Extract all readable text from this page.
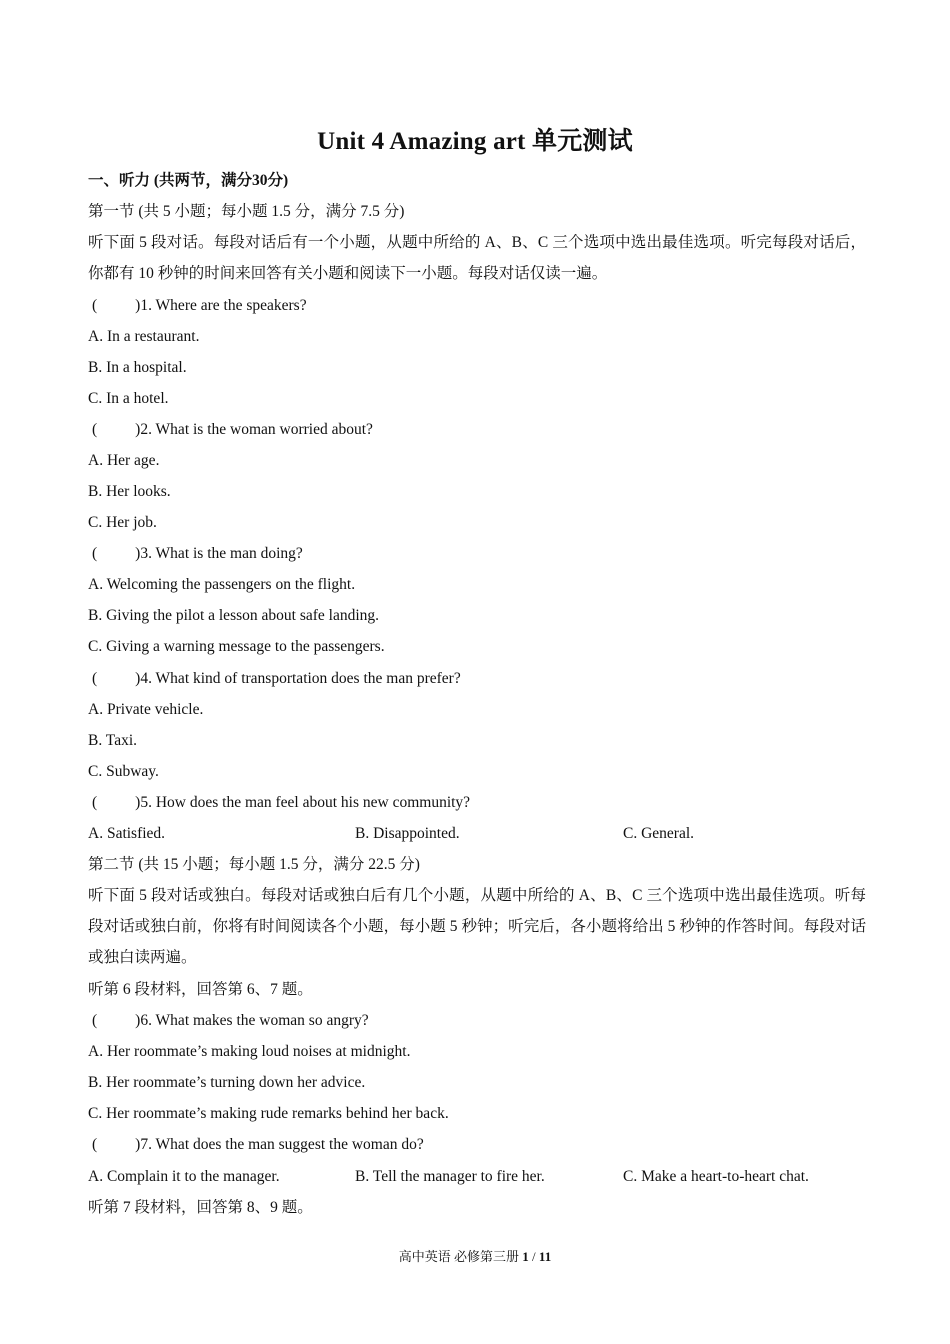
Unit 4 Amazing art 单元测试
一、听力 (共两节，满分30分)
第一节 (共 5 小题；每小题 1.5 分，满分 7.5 分)
听下面 5 段对话。每段对话后有一个小题，从题中所给的 A、B、C 三个选项中选出最佳选项。听完每段对话后，你都有 10 秒钟的时间来回答有关小题和阅读下一小题。每段对话仅读一遍。
( )1. Where are the speakers?
A. In a restaurant.
B. In a hospital.
C. In a hotel.
( )2. What is the woman worried about?
A. Her age.
B. Her looks.
C. Her job.
( )3. What is the man doing?
A. Welcoming the passengers on the flight.
B. Giving the pilot a lesson about safe landing.
C. Giving a warning message to the passengers.
( )4. What kind of transportation does the man prefer?
A. Private vehicle.
B. Taxi.
C. Subway.
( )5. How does the man feel about his new community?
A. Satisfied.	B. Disappointed.	C. General.
第二节 (共 15 小题；每小题 1.5 分，满分 22.5 分)
听下面 5 段对话或独白。每段对话或独白后有几个小题，从题中所给的 A、B、C 三个选项中选出最佳选项。听每段对话或独白前，你将有时间阅读各个小题，每小题 5 秒钟；听完后，各小题将给出 5 秒钟的作答时间。每段对话或独白读两遍。
听第 6 段材料，回答第 6、7 题。
( )6. What makes the woman so angry?
A. Her roommate’s making loud noises at midnight.
B. Her roommate’s turning down her advice.
C. Her roommate’s making rude remarks behind her back.
( )7. What does the man suggest the woman do?
A. Complain it to the manager.	B. Tell the manager to fire her.	C. Make a heart-to-heart chat.
听第 7 段材料，回答第 8、9 题。
高中英语 必修第三册 1 / 11
